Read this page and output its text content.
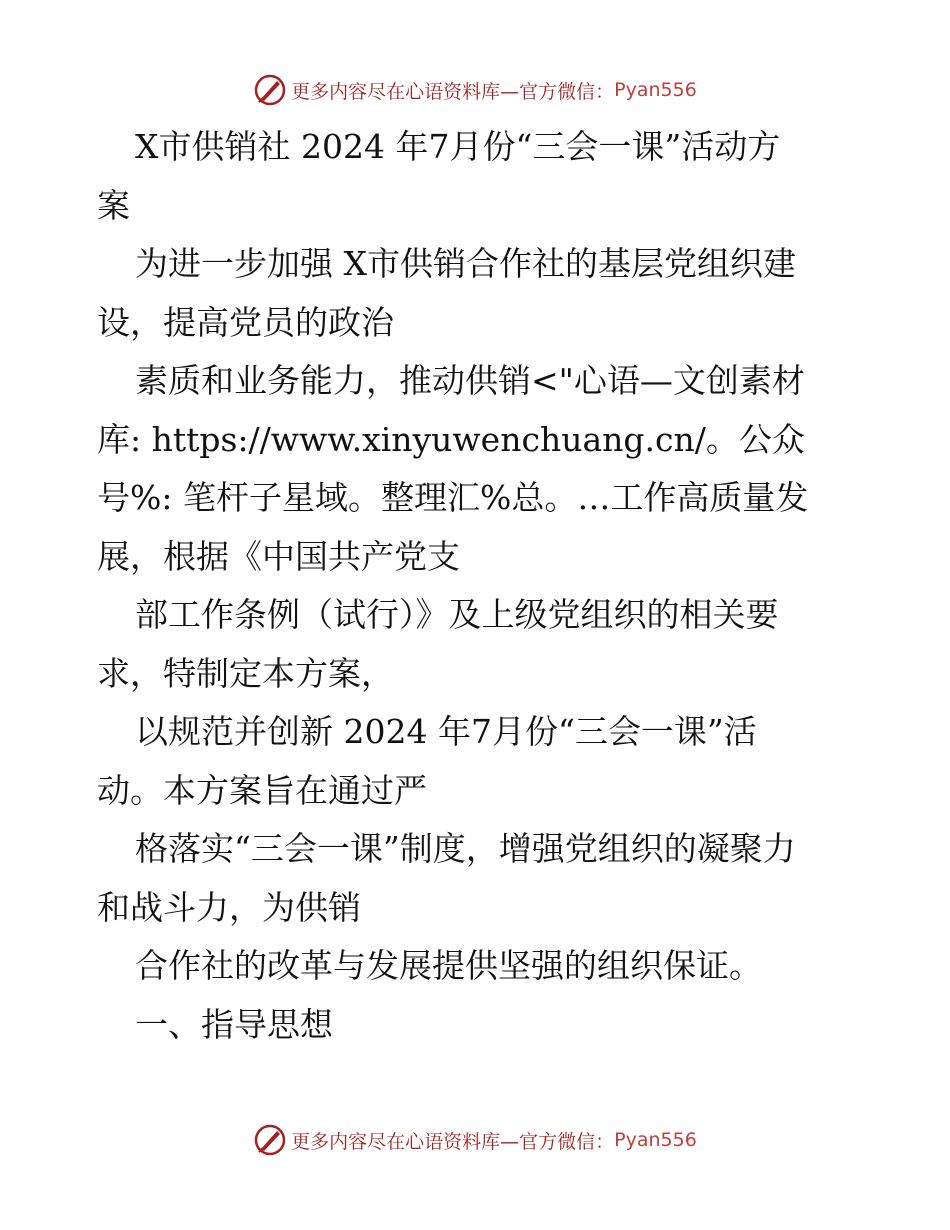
更多内容尽在心语资料库—官方微信： Pyan556
X市供销社 2024 年7月份“三会一课”活动方
案
为进一步加强 X市供销合作社的基层党组织建
设，提高党员的政治
素质和业务能力，推动供销<"心语—文创素材
库: https://www.xinyuwenchuang.cn/。公众
号%: 笔杆子星域。整理汇%总。…工作高质量发
展，根据《中国共产党支
部工作条例（试行）》及上级党组织的相关要
求，特制定本方案，
以规范并创新 2024 年7月份“三会一课”活
动。本方案旨在通过严
格落实“三会一课”制度，增强党组织的凝聚力
和战斗力，为供销
合作社的改革与发展提供坚强的组织保证。
一、指导思想
更多内容尽在心语资料库—官方微信： Pyan556
